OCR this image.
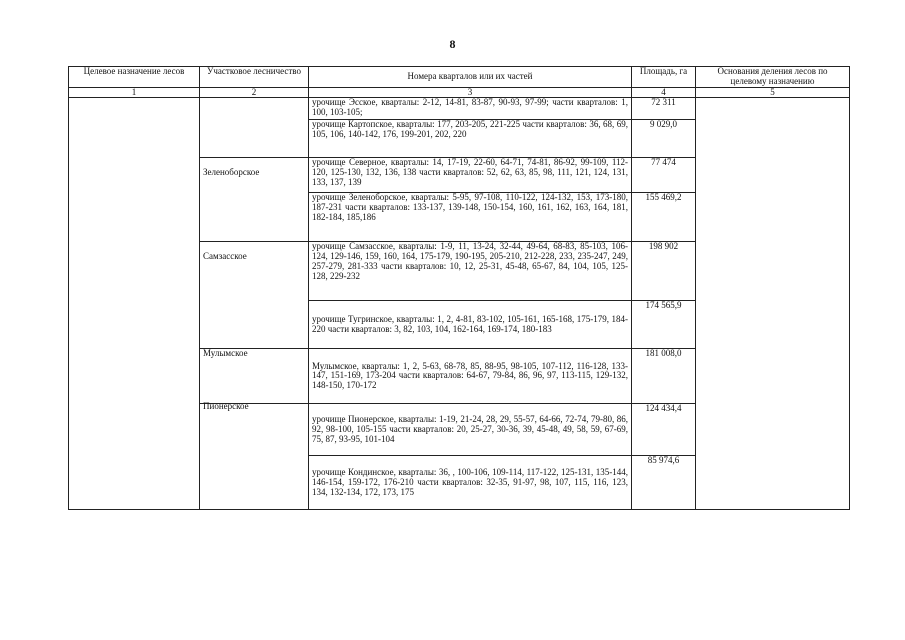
8
Целевое назначение лесов	Участковое лесничество	Номера кварталов или их частей	Площадь, га	Основания деления лесов по целевому назначению
1	2	3	4	5
		урочище Эсское, кварталы: 2-12, 14-81, 83-87, 90-93, 97-99; части кварталов: 1, 100, 103-105;	72 311	
		урочище Картопское, кварталы: 177, 203-205, 221-225 части кварталов: 36, 68, 69, 105, 106, 140-142, 176, 199-201, 202, 220	9 029,0	
	Зеленоборское	урочище Северное, кварталы: 14, 17-19, 22-60, 64-71, 74-81, 86-92, 99-109, 112-120, 125-130, 132, 136, 138 части кварталов: 52, 62, 63, 85, 98, 111, 121, 124, 131, 133, 137, 139	77 474	
		урочище Зеленоборское, кварталы: 5-95, 97-108, 110-122, 124-132, 153, 173-180, 187-231 части кварталов: 133-137, 139-148, 150-154, 160, 161, 162, 163, 164, 181, 182-184, 185,186	155 469,2	
	Самзасское	урочище Самзасское, кварталы: 1-9, 11, 13-24, 32-44, 49-64, 68-83, 85-103, 106-124, 129-146, 159, 160, 164, 175-179, 190-195, 205-210, 212-228, 233, 235-247, 249, 257-279, 281-333 части кварталов: 10, 12, 25-31, 45-48, 65-67, 84, 104, 105, 125-128, 229-232	198 902	
		урочище Тугринское, кварталы: 1, 2, 4-81, 83-102, 105-161, 165-168, 175-179, 184-220 части кварталов: 3, 82, 103, 104, 162-164, 169-174, 180-183	174 565,9	
	Мулымское	Мулымское, кварталы: 1, 2, 5-63, 68-78, 85, 88-95, 98-105, 107-112, 116-128, 133-147, 151-169, 173-204 части кварталов: 64-67, 79-84, 86, 96, 97, 113-115, 129-132, 148-150, 170-172	181 008,0	
	Пионерское	урочище Пионерское, кварталы: 1-19, 21-24, 28, 29, 55-57, 64-66, 72-74, 79-80, 86, 92, 98-100, 105-155 части кварталов: 20, 25-27, 30-36, 39, 45-48, 49, 58, 59, 67-69, 75, 87, 93-95, 101-104	124 434,4	
		урочище Кондинское, кварталы: 36, , 100-106, 109-114, 117-122, 125-131, 135-144, 146-154, 159-172, 176-210 части кварталов: 32-35, 91-97, 98, 107, 115, 116, 123, 134, 132-134, 172, 173, 175	85 974,6	
